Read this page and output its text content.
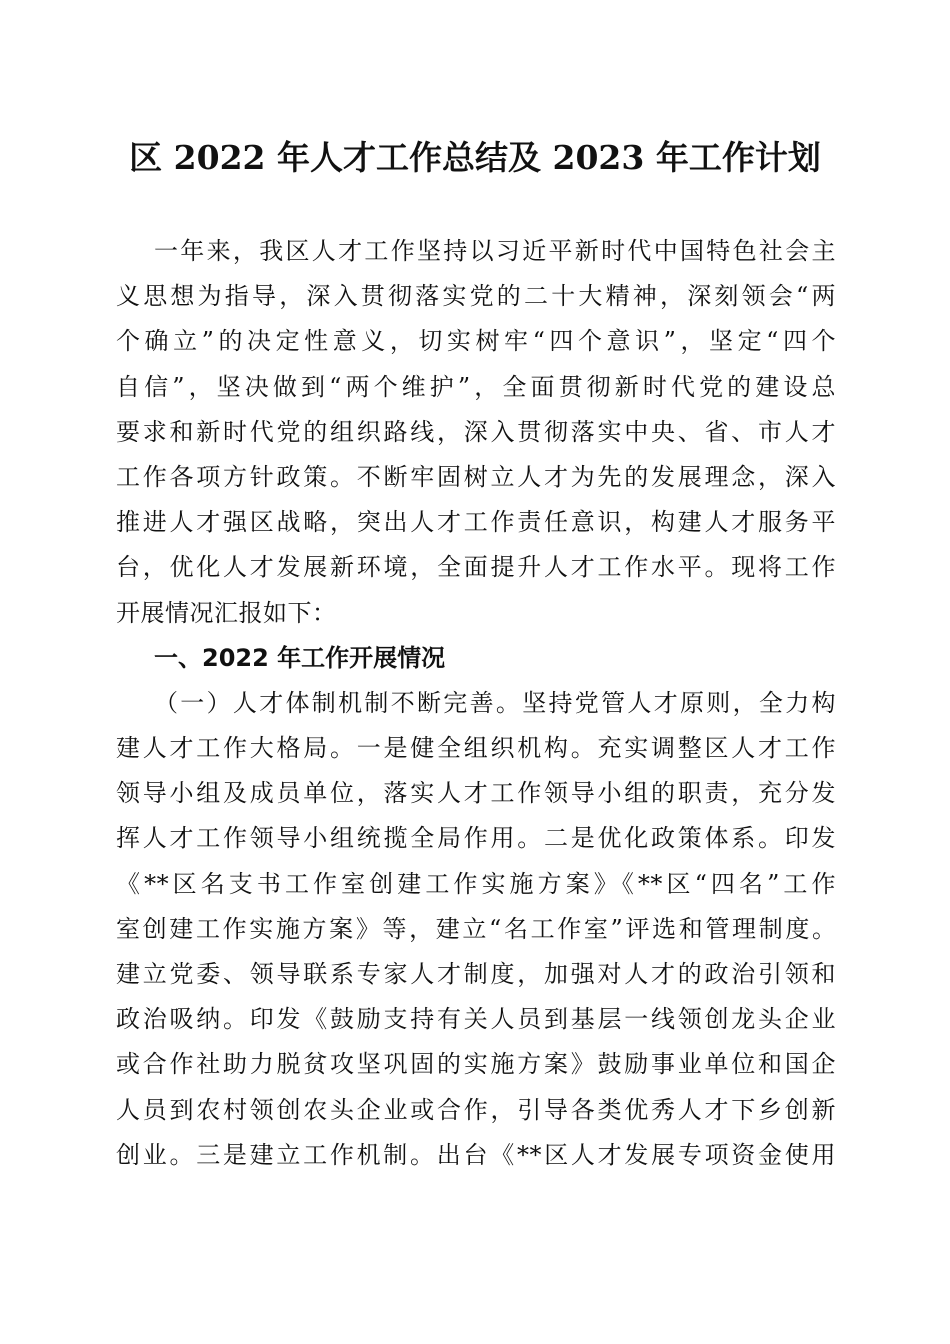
区 2022 年人才工作总结及 2023 年工作计划
一年来，我区人才工作坚持以习近平新时代中国特色社会主
义思想为指导，深入贯彻落实党的二十大精神，深刻领会“两
个确立”的决定性意义，切实树牢“四个意识”，坚定“四个
自信”，坚决做到“两个维护”，全面贯彻新时代党的建设总
要求和新时代党的组织路线，深入贯彻落实中央、省、市人才
工作各项方针政策。不断牢固树立人才为先的发展理念，深入
推进人才强区战略，突出人才工作责任意识，构建人才服务平
台，优化人才发展新环境，全面提升人才工作水平。现将工作
开展情况汇报如下：
一、2022 年工作开展情况
（一）人才体制机制不断完善。坚持党管人才原则，全力构
建人才工作大格局。一是健全组织机构。充实调整区人才工作
领导小组及成员单位，落实人才工作领导小组的职责，充分发
挥人才工作领导小组统揽全局作用。二是优化政策体系。印发
《**区名支书工作室创建工作实施方案》《**区“四名”工作
室创建工作实施方案》等，建立“名工作室”评选和管理制度。
建立党委、领导联系专家人才制度，加强对人才的政治引领和
政治吸纳。印发《鼓励支持有关人员到基层一线领创龙头企业
或合作社助力脱贫攻坚巩固的实施方案》鼓励事业单位和国企
人员到农村领创农头企业或合作，引导各类优秀人才下乡创新
创业。三是建立工作机制。出台《**区人才发展专项资金使用
